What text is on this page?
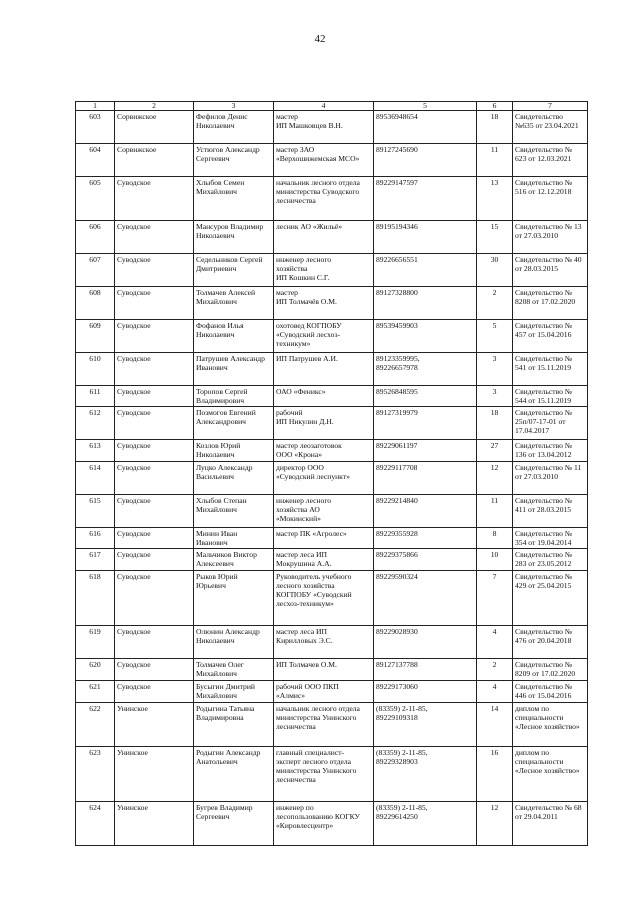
42
1	2	3	4	5	6	7
603	Сорвижское	Фефилов Денис
Николаевич	мастер
ИП Машковцев В.Н.	89536948654	18	Свидетельство
№635 от 23.04.2021

604	Сорвижское	Устюгов Александр
Сергеевич	мастер ЗАО
«Верхошижемская МСО»	89127245690	11	Свидетельство №
623 от 12.03.2021

605	Суводское	Хлыбов Семен
Михайлович	начальник лесного отдела
министерства Суводского
лесничества	89229147597	13	Свидетельство №
516 от 12.12.2018

606	Суводское	Мансуров Владимир
Николаевич	лесник АО «Жильё»	89195194346	15	Свидетельство № 13
от 27.03.2010

607	Суводское	Седельников Сергей
Дмитриевич	инженер лесного
хозяйства
ИП Кошкин С.Г.	89226656551	30	Свидетельство № 40
от 28.03.2015

608	Суводское	Толмачев Алексей
Михайлович	мастер
ИП Толмачёв О.М.	89127328800	2	Свидетельство №
8208 от 17.02.2020

609	Суводское	Фофанов Илья
Николаевич	охотовед КОГПОБУ
«Суводский лесхоз-
техникум»	89539459903	5	Свидетельство №
457 от 15.04.2016

610	Суводское	Патрушев Александр
Иванович	ИП Патрушев А.И.	89123359995,
89226657978	3	Свидетельство №
541 от 15.11.2019

611	Суводское	Торопов Сергей
Владимирович	ОАО «Феникс»	89526848595	3	Свидетельство №
544 от 15.11.2019

612	Суводское	Позмогов Евгений
Александрович	рабочий
ИП Никулин Д.Н.	89127319979	18	Свидетельство №
25п/07-17-01 от
17.04.2017

613	Суводское	Козлов Юрий
Николаевич	мастер леозаготовок
ООО «Крона»	89229061197	27	Свидетельство №
136 от 13.04.2012

614	Суводское	Луцко Александр
Васильевич	директор ООО
«Суводский леспункт»	89229117708	12	Свидетельство № 11
от 27.03.2010

615	Суводское	Хлыбов Степан
Михайлович	инженер лесного
хозяйства АО
«Мокинский»	89229214840	11	Свидетельство №
411 от 28.03.2015

616	Суводское	Минин Иван
Иванович	мастер ПК «Агролес»	89229355928	8	Свидетельство №
354 от 19.04.2014

617	Суводское	Мальчиков Виктор
Алексеевич	мастер леса ИП
Мокрушина А.А.	89229375866	10	Свидетельство №
283 от 23.05.2012

618	Суводское	Рыков Юрий
Юрьевич	Руководитель учебного
лесного хозяйства
КОГПОБУ «Суводский
лесхоз-техникум»	89229590324	7	Свидетельство №
429 от 25.04.2015

619	Суводское	Олюнин Александр
Николаевич	мастер леса ИП
Кирилловых Э.С.	89229028930	4	Свидетельство №
476 от 20.04.2018

620	Суводское	Толмачев Олег
Михайлович	ИП Толмачев О.М.	89127137788	2	Свидетельство №
8209 от 17.02.2020

621	Суводское	Бусыгин Дмитрий
Михайлович	рабочий ООО ПКП
«Алмис»	89229173060	4	Свидетельство №
446 от 15.04.2016

622	Унинское	Родыгина Татьяна
Владимировна	начальник лесного отдела
министерства Унинского
лесничества	(83359) 2-11-85,
89229109318	14	диплом по
специальности
«Лесное хозяйство»

623	Унинское	Родыгин Александр
Анатольевич	главный специалист-
эксперт лесного отдела
министерства Унинского
лесничества	(83359) 2-11-85,
89229328903	16	диплом по
специальности
«Лесное хозяйство»

624	Унинское	Бугрев Владимир
Сергеевич	инженер по
лесопользованию КОГКУ
«Кировлесцентр»	(83359) 2-11-85,
89229614250	12	Свидетельство № 68
от 29.04.2011
